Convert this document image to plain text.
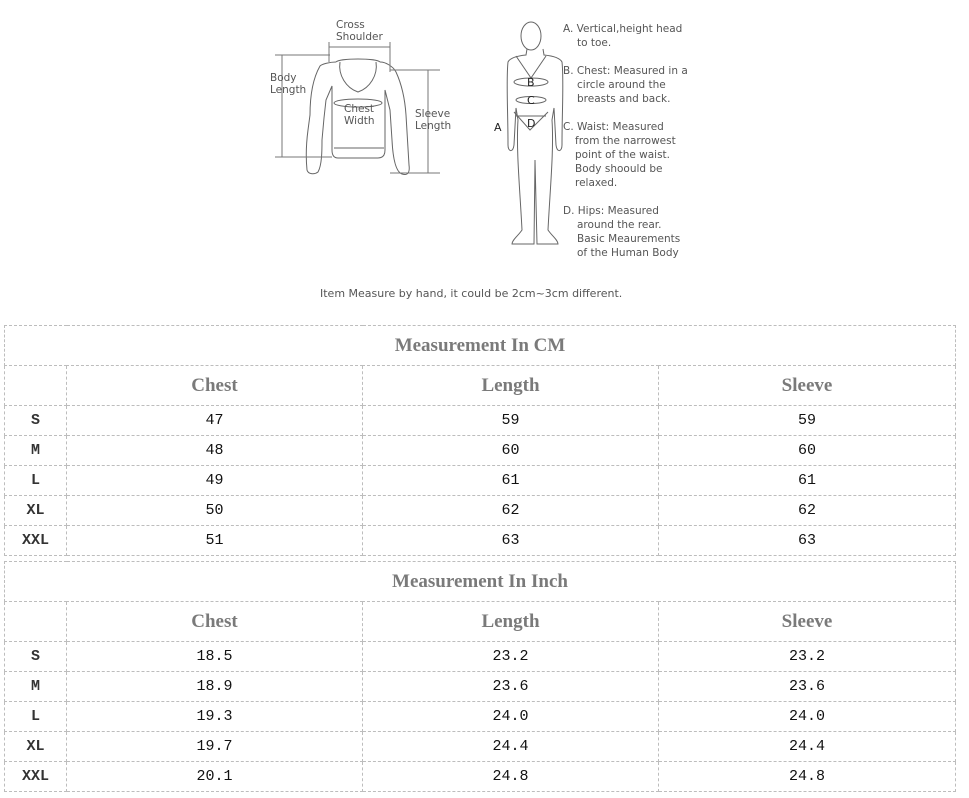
A
B
C
D
Cross
Shoulder
Body
Length
Chest
Width
Sleeve
Length
A. Vertical,height head
to toe.
B. Chest: Measured in a
circle around the
breasts and back.
C. Waist: Measured
from the narrowest
point of the waist.
Body shoould be
relaxed.
D. Hips: Measured
around the rear.
Basic Meaurements
of the Human Body
Item Measure by hand, it could be 2cm~3cm different.
Measurement In CM			
	Chest	Length	Sleeve
S	47	59	59
M	48	60	60
L	49	61	61
XL	50	62	62
XXL	51	63	63
Measurement In Inch			
	Chest	Length	Sleeve
S	18.5	23.2	23.2
M	18.9	23.6	23.6
L	19.3	24.0	24.0
XL	19.7	24.4	24.4
XXL	20.1	24.8	24.8
